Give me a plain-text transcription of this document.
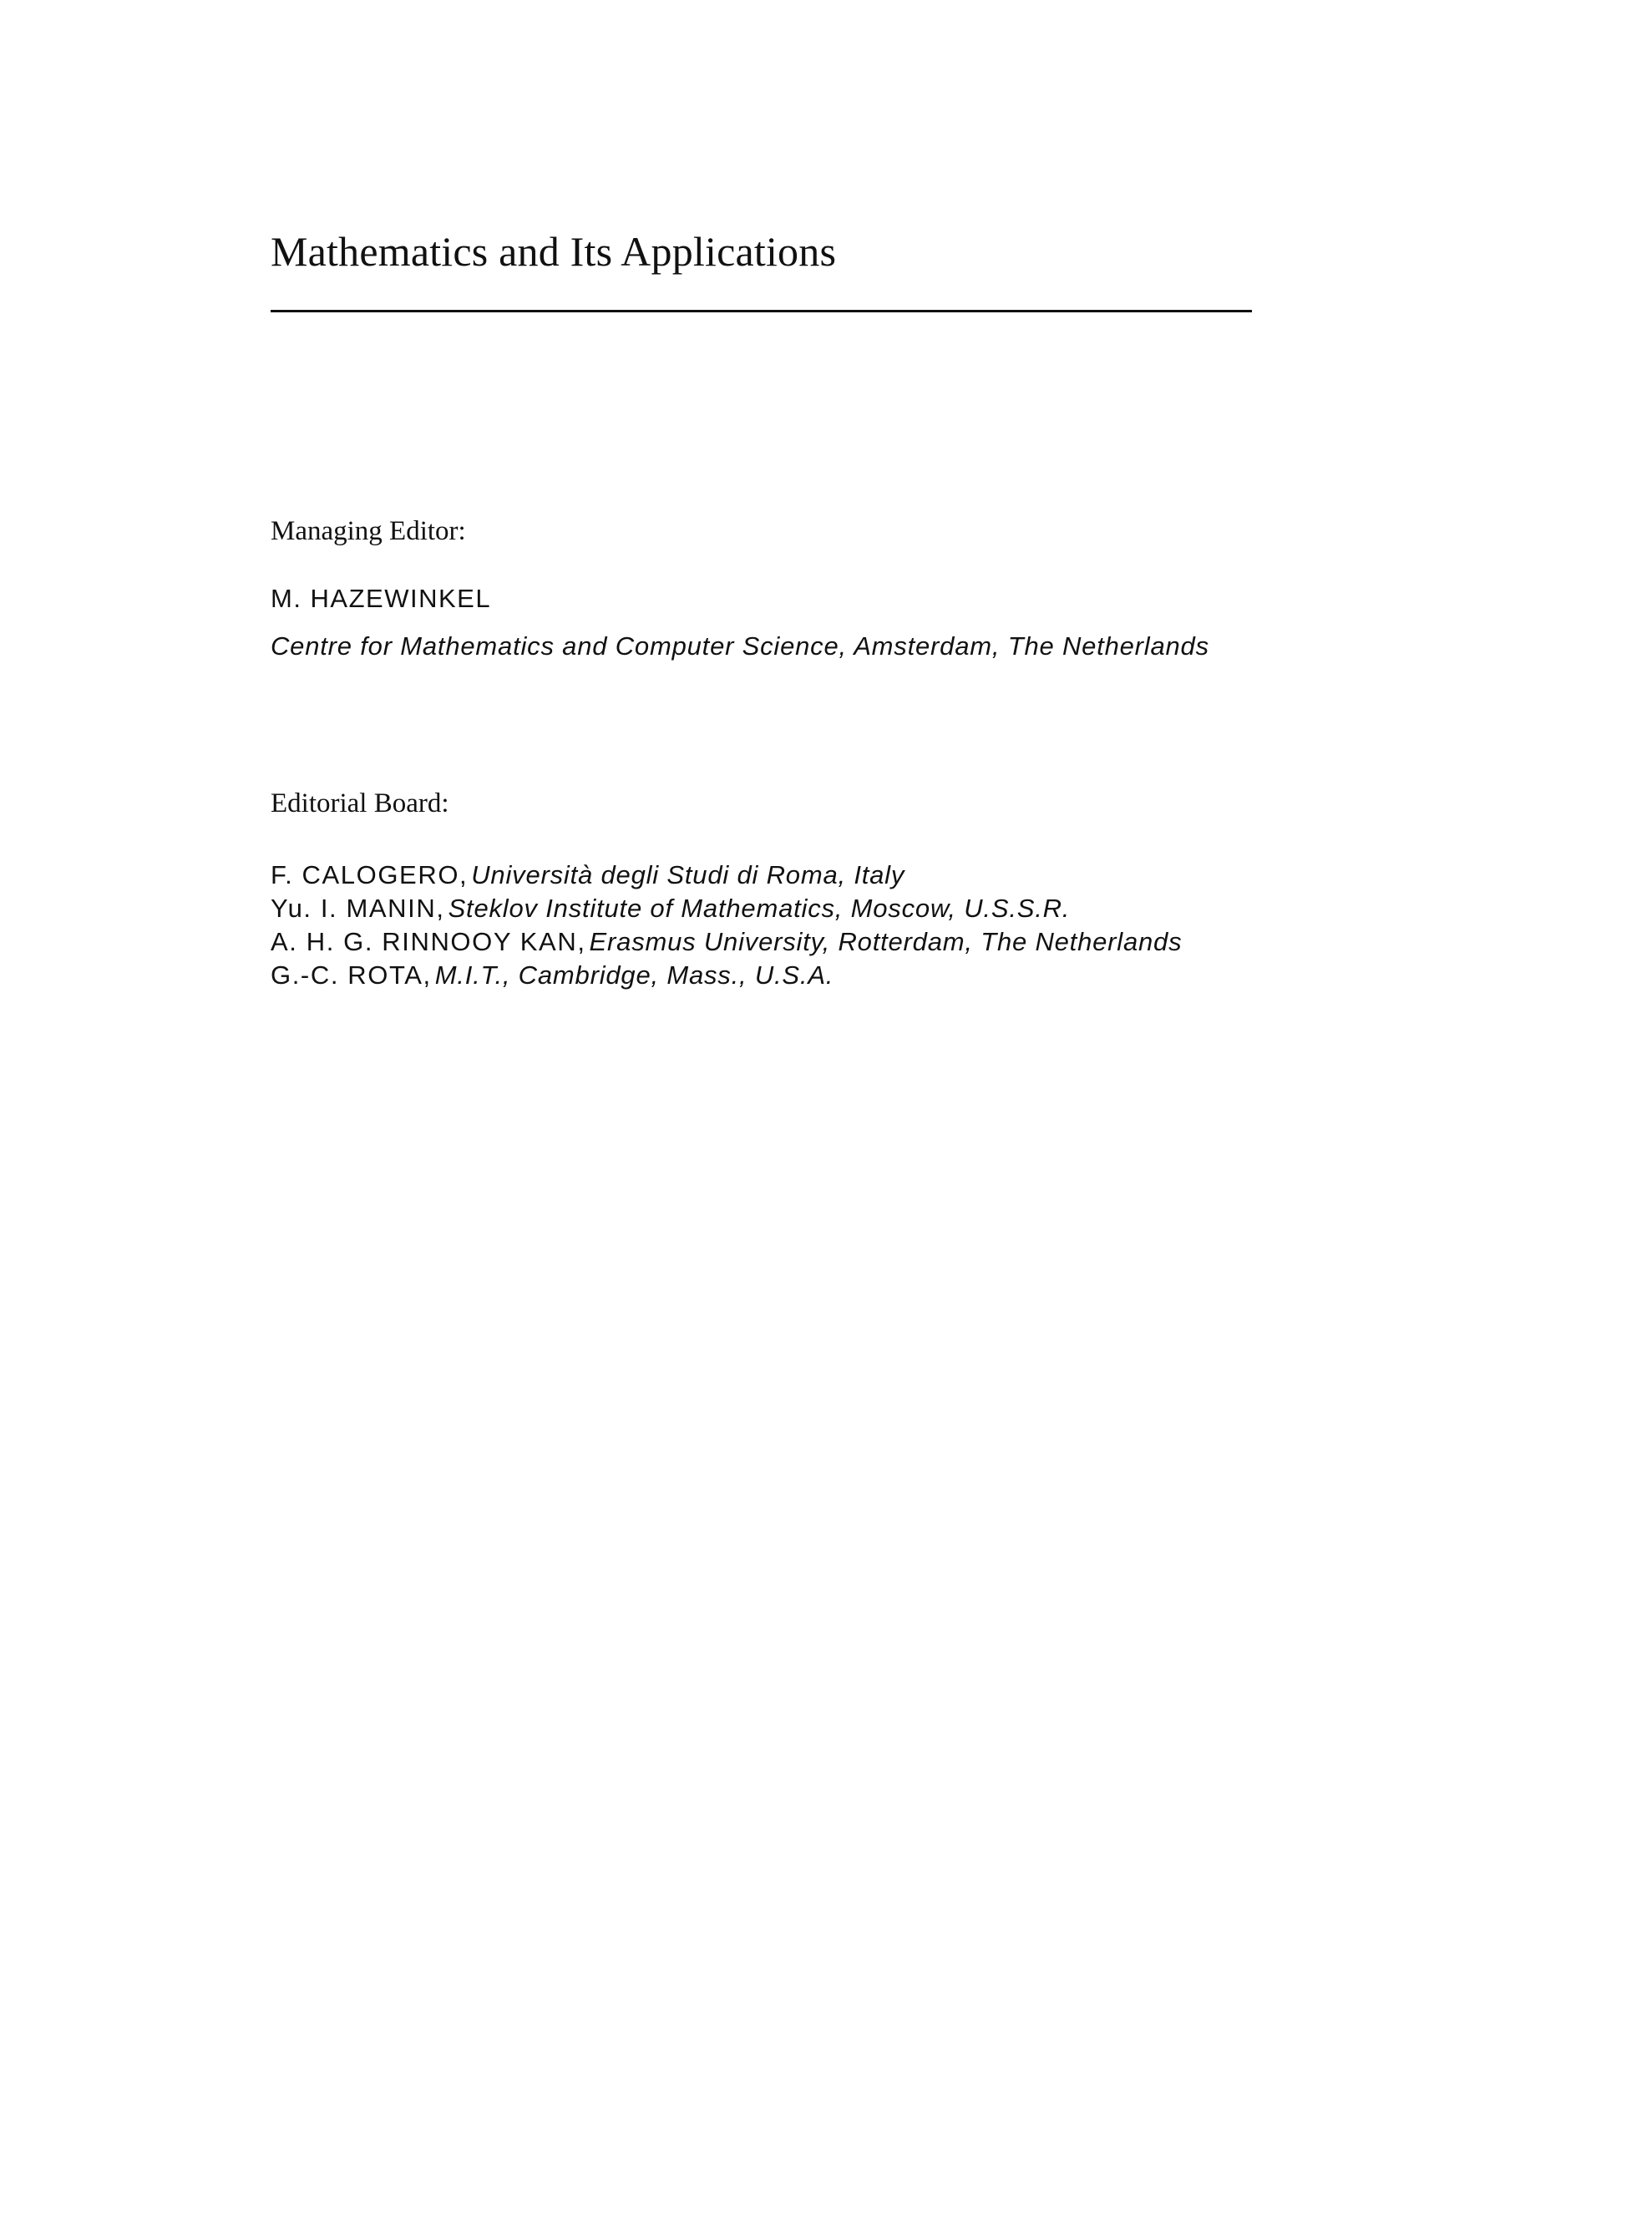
Mathematics and Its Applications
Managing Editor:
M. HAZEWINKEL
Centre for Mathematics and Computer Science, Amsterdam, The Netherlands
Editorial Board:
F. CALOGERO, Università degli Studi di Roma, Italy
Yu. I. MANIN, Steklov Institute of Mathematics, Moscow, U.S.S.R.
A. H. G. RINNOOY KAN, Erasmus University, Rotterdam, The Netherlands
G.-C. ROTA, M.I.T., Cambridge, Mass., U.S.A.
